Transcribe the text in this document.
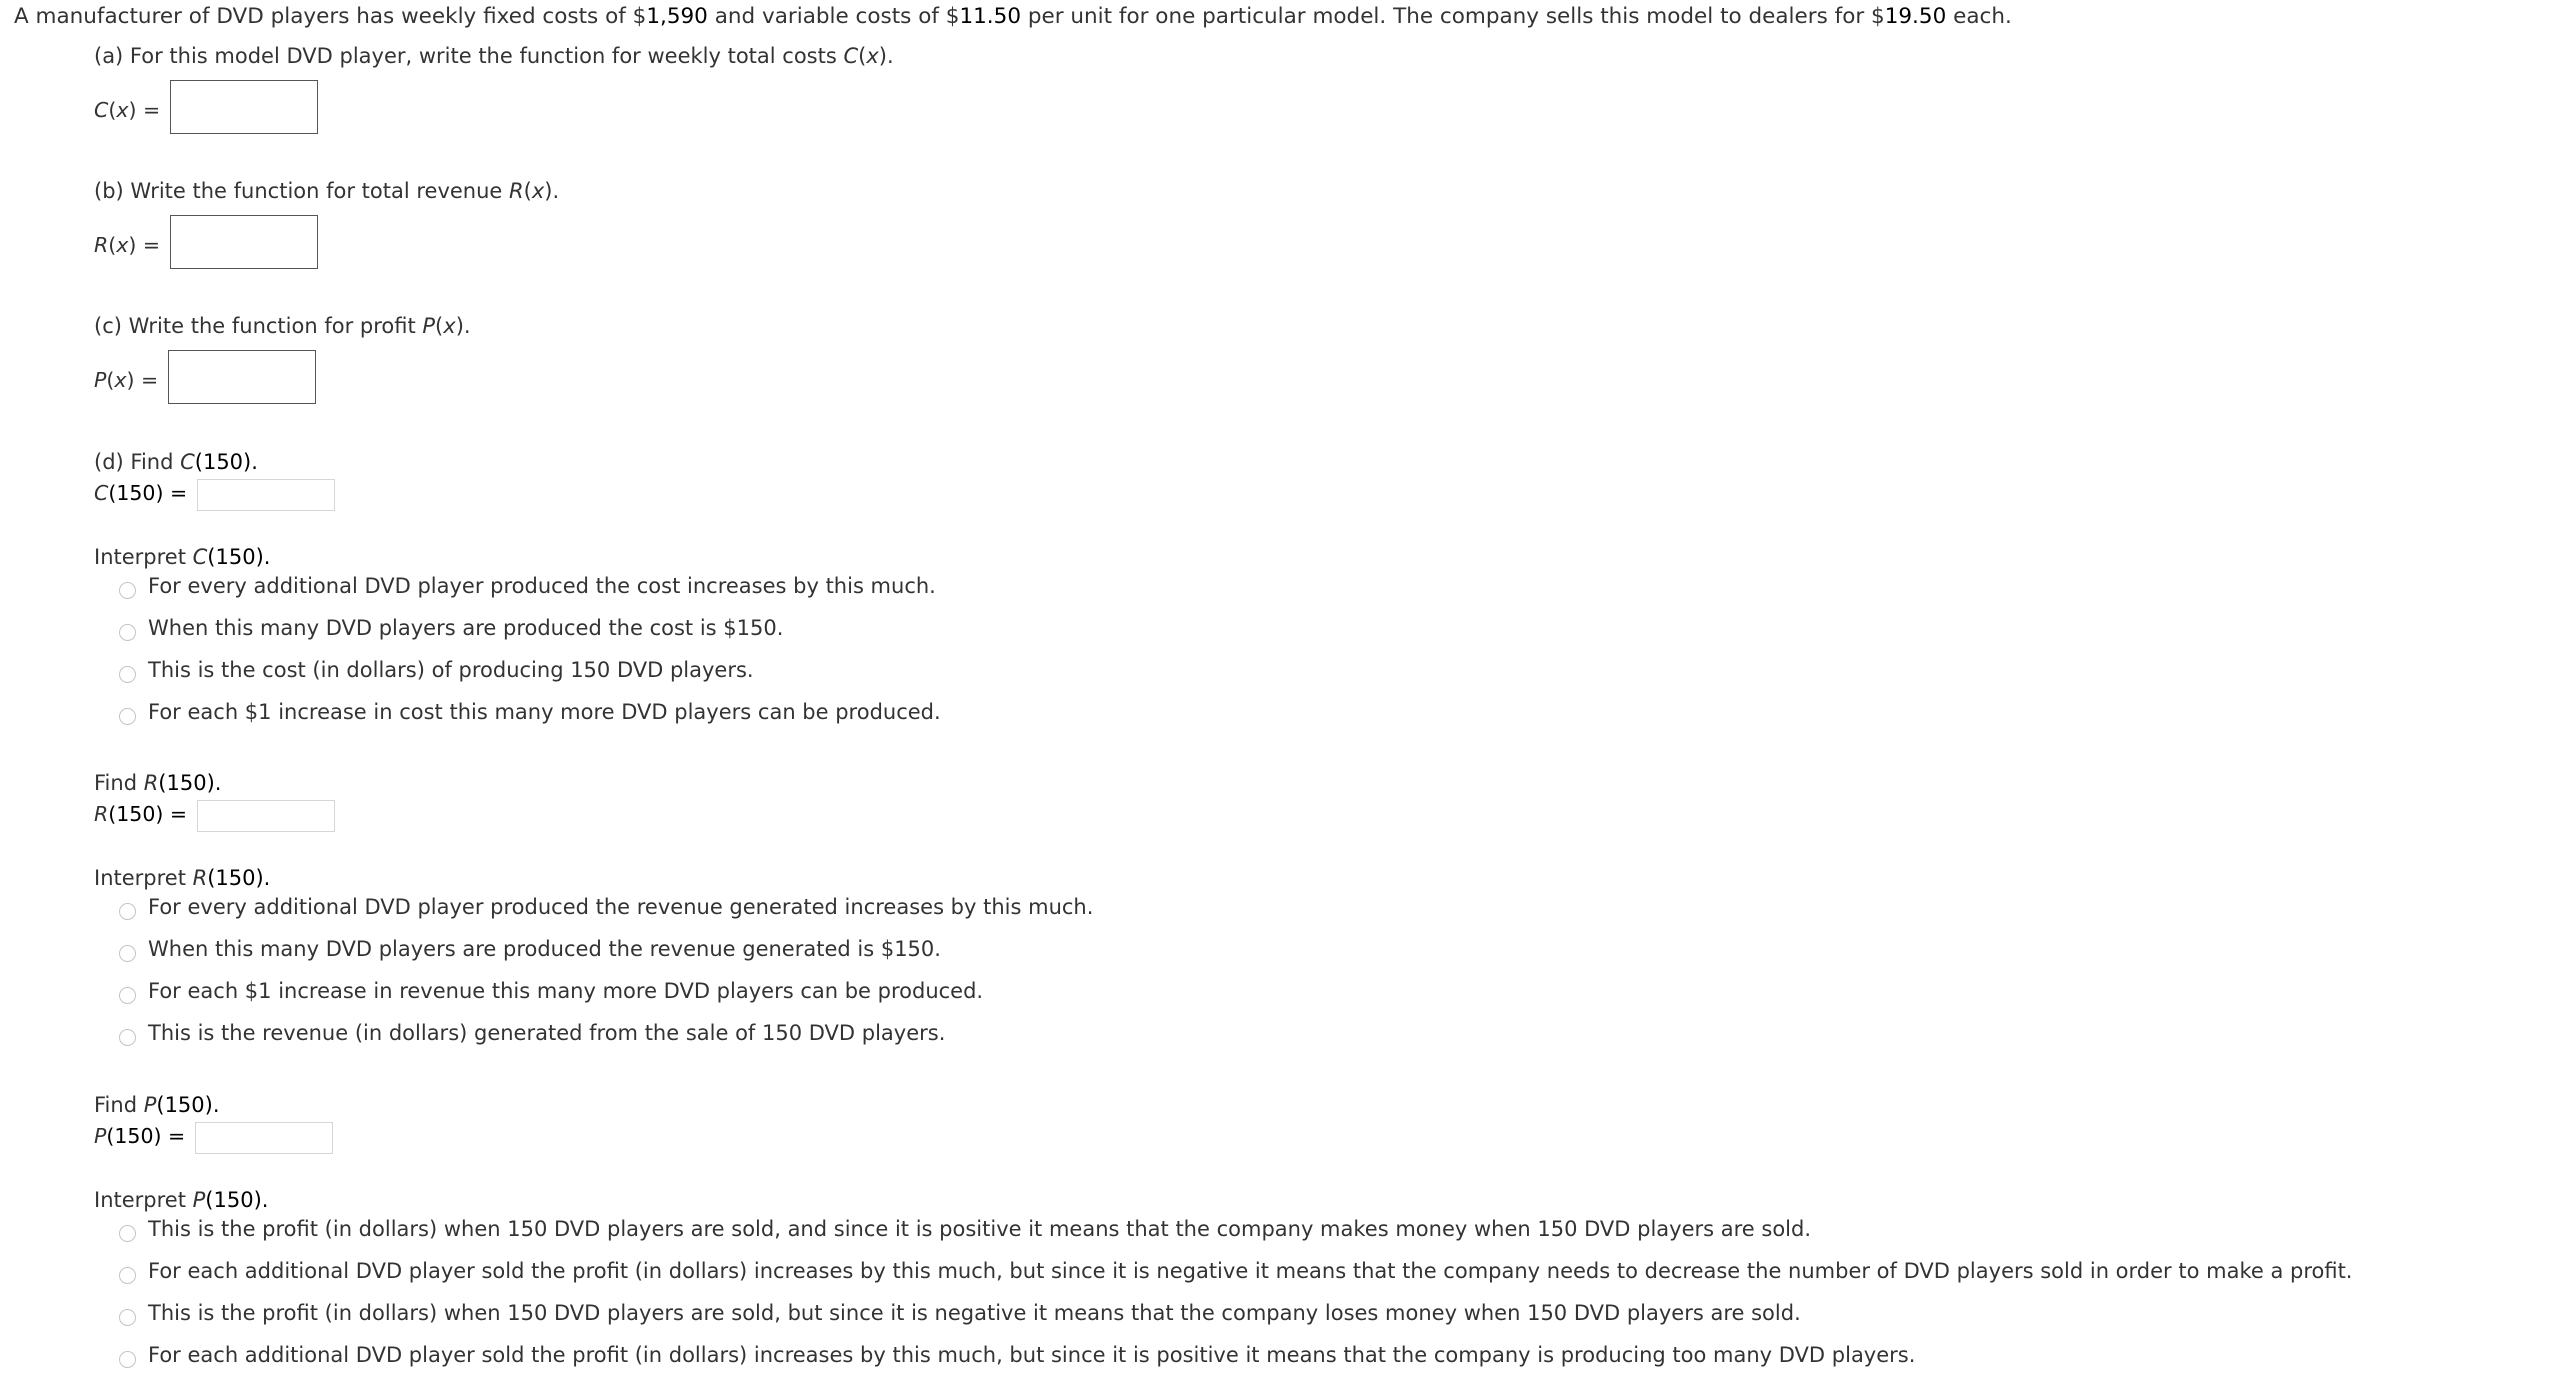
A manufacturer of DVD players has weekly fixed costs of $1,590 and variable costs of $11.50 per unit for one particular model. The company sells this model to dealers for $19.50 each.
(a) For this model DVD player, write the function for weekly total costs C(x).
C(x) =
(b) Write the function for total revenue R(x).
R(x) =
(c) Write the function for profit P(x).
P(x) =
(d) Find C(150).
C(150) =
Interpret C(150).
For every additional DVD player produced the cost increases by this much.
When this many DVD players are produced the cost is $150.
This is the cost (in dollars) of producing 150 DVD players.
For each $1 increase in cost this many more DVD players can be produced.
Find R(150).
R(150) =
Interpret R(150).
For every additional DVD player produced the revenue generated increases by this much.
When this many DVD players are produced the revenue generated is $150.
For each $1 increase in revenue this many more DVD players can be produced.
This is the revenue (in dollars) generated from the sale of 150 DVD players.
Find P(150).
P(150) =
Interpret P(150).
This is the profit (in dollars) when 150 DVD players are sold, and since it is positive it means that the company makes money when 150 DVD players are sold.
For each additional DVD player sold the profit (in dollars) increases by this much, but since it is negative it means that the company needs to decrease the number of DVD players sold in order to make a profit.
This is the profit (in dollars) when 150 DVD players are sold, but since it is negative it means that the company loses money when 150 DVD players are sold.
For each additional DVD player sold the profit (in dollars) increases by this much, but since it is positive it means that the company is producing too many DVD players.
